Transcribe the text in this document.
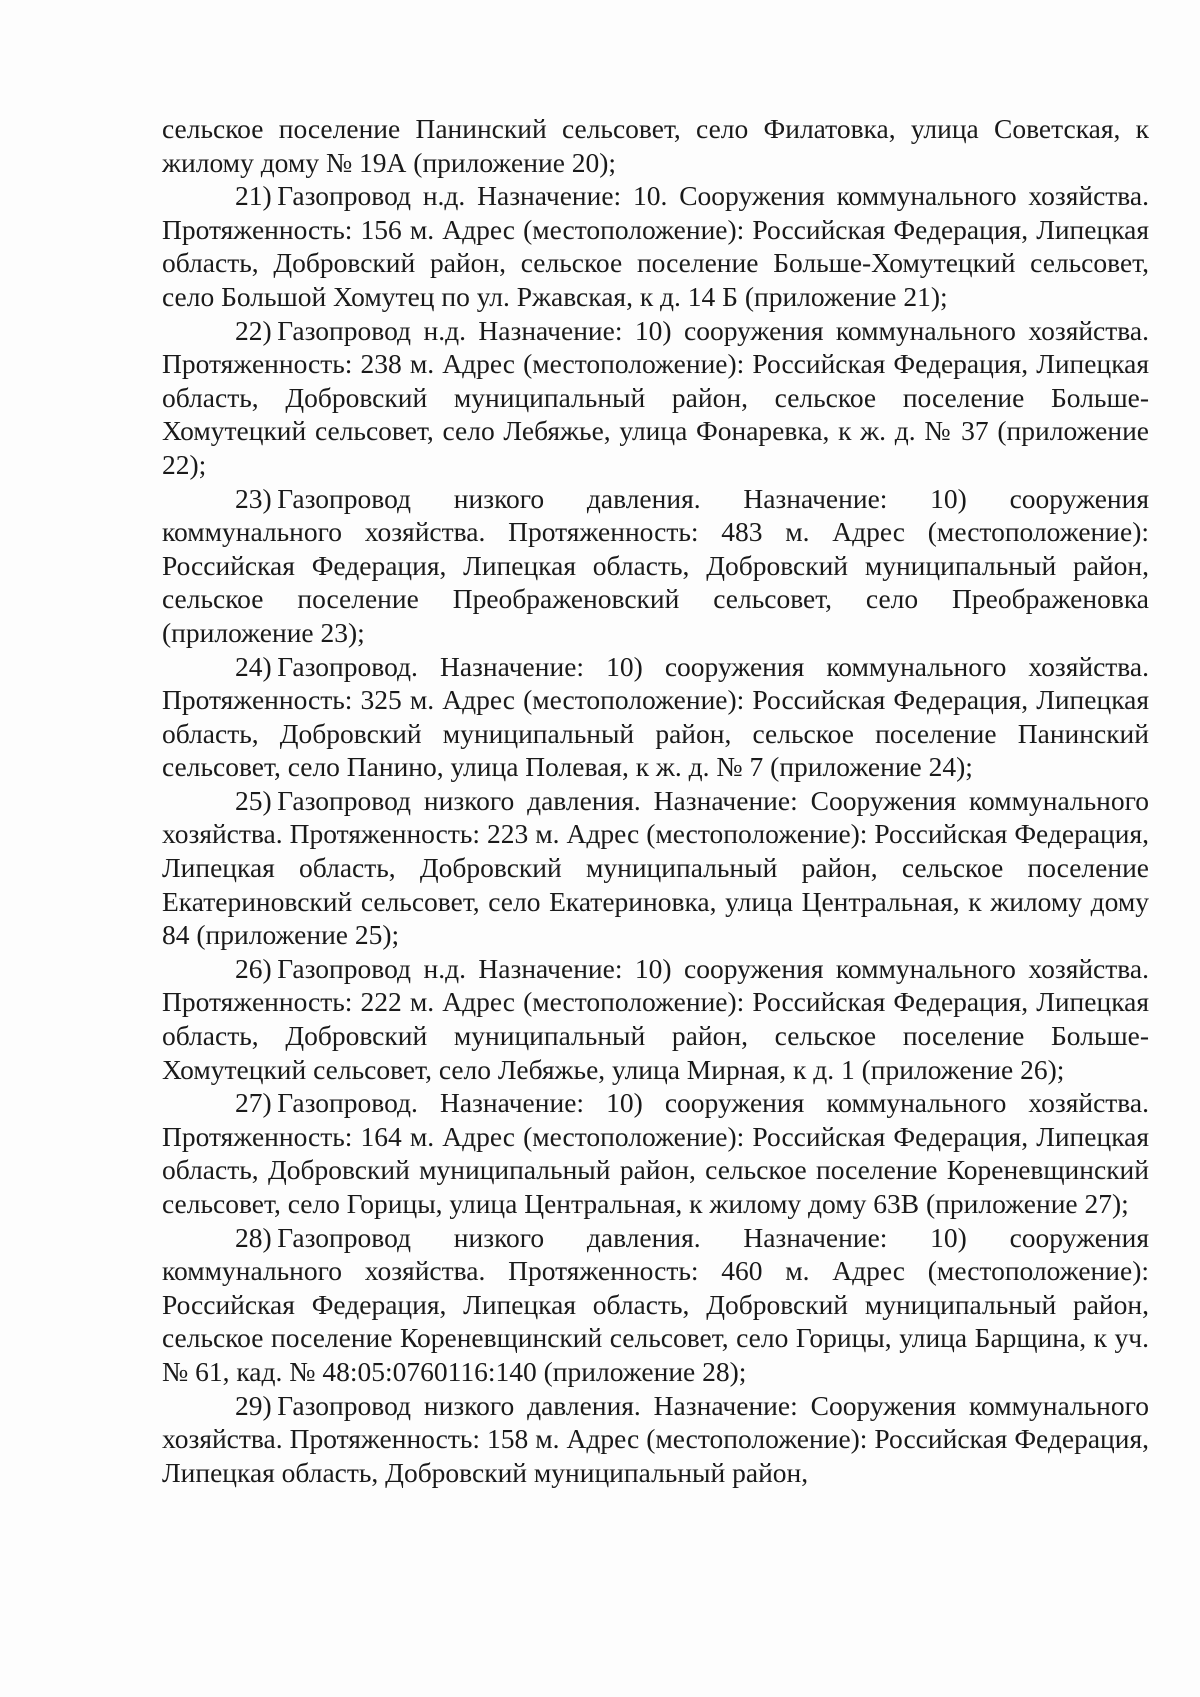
сельское поселение Панинский сельсовет, село Филатовка, улица Советская, к жилому дому № 19А (приложение 20);

21)  Газопровод н.д. Назначение: 10. Сооружения коммунального хозяйства. Протяженность: 156 м. Адрес (местоположение): Российская Федерация, Липецкая область, Добровский район, сельское поселение Больше-Хомутецкий сельсовет, село Большой Хомутец по ул. Ржавская, к д. 14 Б (приложение 21);

22)  Газопровод н.д. Назначение: 10) сооружения коммунального хозяйства. Протяженность: 238 м. Адрес (местоположение): Российская Федерация, Липецкая область, Добровский муниципальный район, сельское поселение Больше-Хомутецкий сельсовет, село Лебяжье, улица Фонаревка, к ж. д. № 37 (приложение 22);

23)  Газопровод низкого давления. Назначение: 10) сооружения коммунального хозяйства. Протяженность: 483 м. Адрес (местоположение): Российская Федерация, Липецкая область, Добровский муниципальный район, сельское поселение Преображеновский сельсовет, село Преображеновка (приложение 23);

24)  Газопровод. Назначение: 10) сооружения коммунального хозяйства. Протяженность: 325 м. Адрес (местоположение): Российская Федерация, Липецкая область, Добровский муниципальный район, сельское поселение Панинский сельсовет, село Панино, улица Полевая, к ж. д. № 7 (приложение 24);

25)  Газопровод низкого давления. Назначение: Сооружения коммунального хозяйства. Протяженность: 223 м. Адрес (местоположение): Российская Федерация, Липецкая область, Добровский муниципальный район, сельское поселение Екатериновский сельсовет, село Екатериновка, улица Центральная, к жилому дому 84 (приложение 25);

26)  Газопровод н.д. Назначение: 10) сооружения коммунального хозяйства. Протяженность: 222 м. Адрес (местоположение): Российская Федерация, Липецкая область, Добровский муниципальный район, сельское поселение Больше-Хомутецкий сельсовет, село Лебяжье, улица Мирная, к д. 1 (приложение 26);

27)  Газопровод. Назначение: 10) сооружения коммунального хозяйства. Протяженность: 164 м. Адрес (местоположение): Российская Федерация, Липецкая область, Добровский муниципальный район, сельское поселение Кореневщинский сельсовет, село Горицы, улица Центральная, к жилому дому 63В (приложение 27);

28)  Газопровод низкого давления. Назначение: 10) сооружения коммунального хозяйства. Протяженность: 460 м. Адрес (местоположение): Российская Федерация, Липецкая область, Добровский муниципальный район, сельское поселение Кореневщинский сельсовет, село Горицы, улица Барщина, к уч. № 61, кад. № 48:05:0760116:140 (приложение 28);

29)  Газопровод низкого давления. Назначение: Сооружения коммунального хозяйства. Протяженность: 158 м. Адрес (местоположение): Российская Федерация, Липецкая область, Добровский муниципальный район,
